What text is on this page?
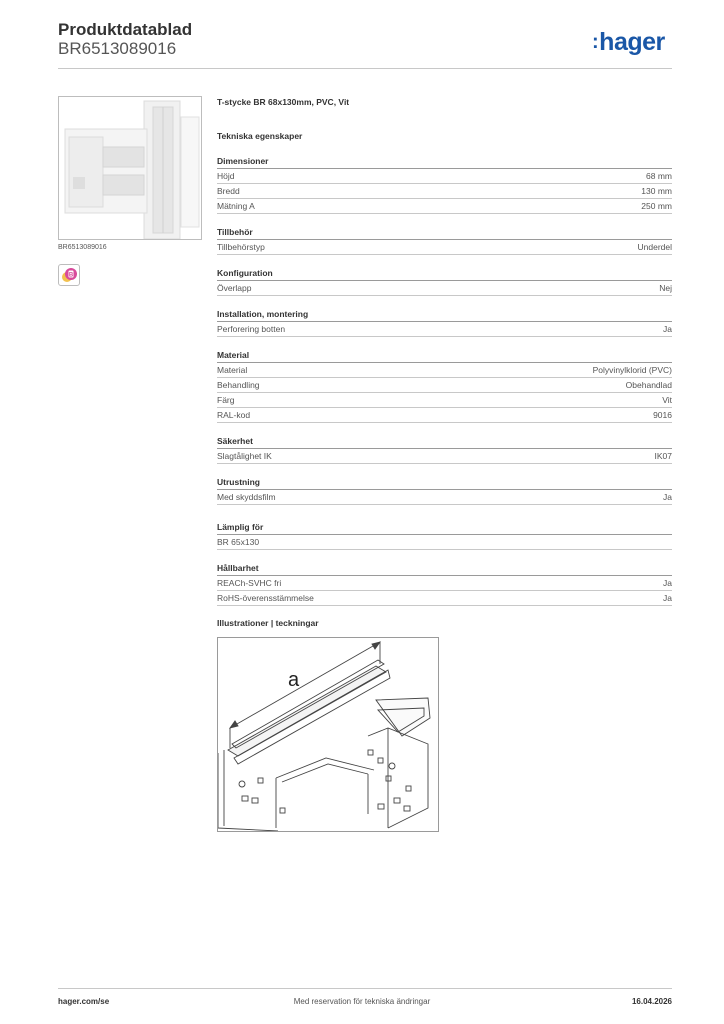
Produktdatablad
BR6513089016	:hager
BR6513089016
B
T-stycke BR 68x130mm, PVC, Vit
Tekniska egenskaper
Dimensioner
Höjd	68 mm
Bredd	130 mm
Mätning A	250 mm
Tillbehör
Tillbehörstyp	Underdel
Konfiguration
Överlapp	Nej
Installation, montering
Perforering botten	Ja
Material
Material	Polyvinylklorid (PVC)
Behandling	Obehandlad
Färg	Vit
RAL-kod	9016
Säkerhet
Slagtålighet IK	IK07
Utrustning
Med skyddsfilm	Ja
Lämplig för
BR 65x130
Hållbarhet
REACh-SVHC fri	Ja
RoHS-överensstämmelse	Ja
Illustrationer | teckningar
a
hager.com/se	Med reservation för tekniska ändringar	16.04.2026
